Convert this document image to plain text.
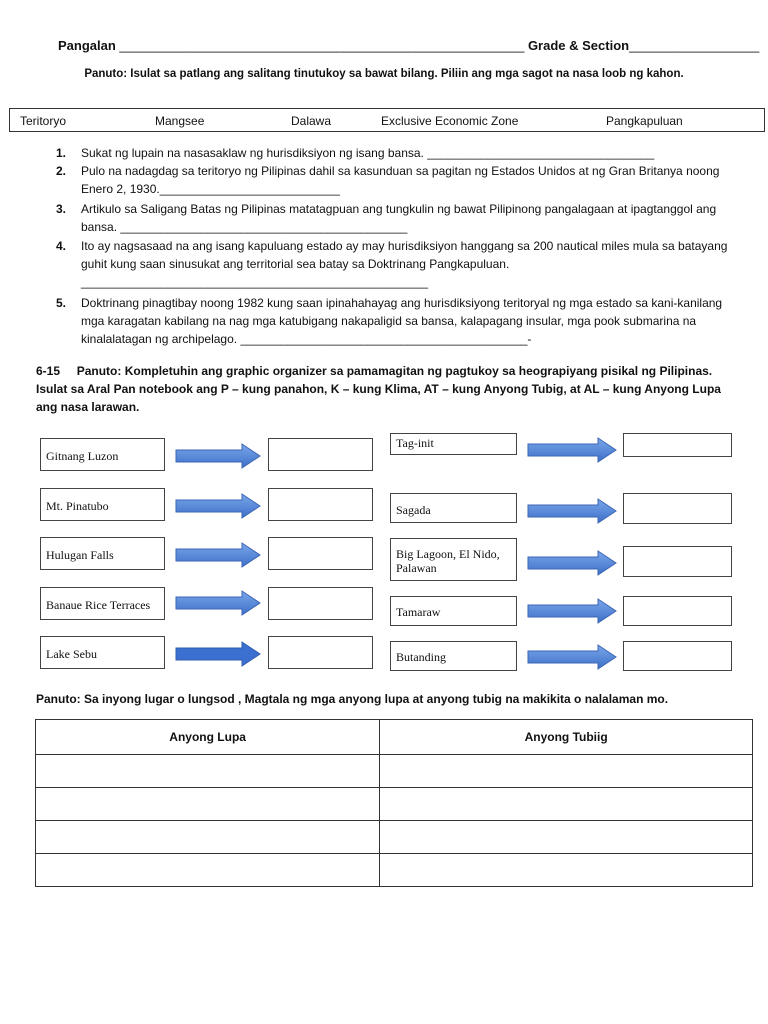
Pangalan ________________________________________________________ Grade & Section__________________
Panuto: Isulat sa patlang ang salitang tinutukoy sa bawat bilang. Piliin ang mga sagot na nasa loob ng kahon.
Teritoryo	Mangsee	Dalawa	Exclusive Economic Zone	Pangkapuluan
1. Sukat ng lupain na nasasaklaw ng hurisdiksiyon ng isang bansa. __________________________________
2. Pulo na nadagdag sa teritoryo ng Pilipinas dahil sa kasunduan sa pagitan ng Estados Unidos at ng Gran Britanya noong Enero 2, 1930.___________________________
3. Artikulo sa Saligang Batas ng Pilipinas matatagpuan ang tungkulin ng bawat Pilipinong pangalagaan at ipagtanggol ang bansa. ___________________________________________
4. Ito ay nagsasaad na ang isang kapuluang estado ay may hurisdiksiyon hanggang sa 200 nautical miles mula sa batayang guhit kung saan sinusukat ang territorial sea batay sa Doktrinang Pangkapuluan. ____________________________________________________
5. Doktrinang pinagtibay noong 1982 kung saan ipinahahayag ang hurisdiksiyong teritoryal ng mga estado sa kani-kanilang mga karagatan kabilang na nag mga katubigang nakapaligid sa bansa, kalapagang insular, mga pook submarina na kinalalatagan ng archipelago. ___________________________________________-
6-15 Panuto: Kompletuhin ang graphic organizer sa pamamagitan ng pagtukoy sa heograpiyang pisikal ng Pilipinas. Isulat sa Aral Pan notebook ang P – kung panahon, K – kung Klima, AT – kung Anyong Tubig, at AL – kung Anyong Lupa ang nasa larawan.
Gitnang Luzon
Mt. Pinatubo
Hulugan Falls
Banaue Rice Terraces
Lake Sebu
Tag-init
Sagada
Big Lagoon, El Nido, Palawan
Tamaraw
Butanding
Panuto: Sa inyong lugar o lungsod , Magtala ng mga anyong lupa at anyong tubig na makikita o nalalaman mo.
Anyong Lupa	Anyong Tubiig
